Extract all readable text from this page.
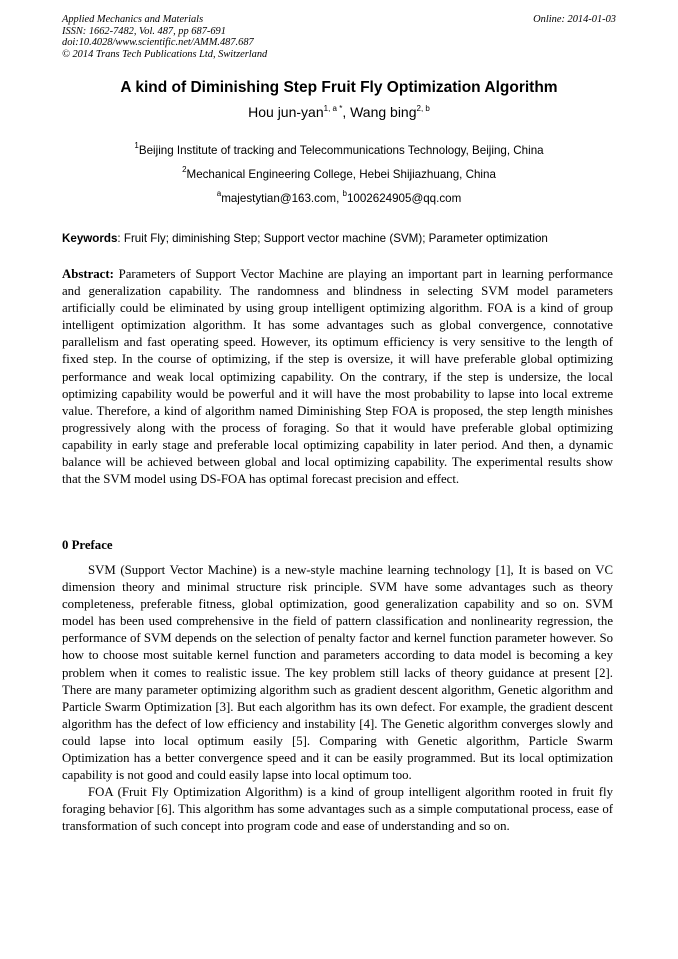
Applied Mechanics and Materials
ISSN: 1662-7482, Vol. 487, pp 687-691
doi:10.4028/www.scientific.net/AMM.487.687
© 2014 Trans Tech Publications Ltd, Switzerland
Online: 2014-01-03
A kind of Diminishing Step Fruit Fly Optimization Algorithm
Hou jun-yan$^{1, a *}$, Wang bing$^{2, b}$
$^1$Beijing Institute of tracking and Telecommunications Technology, Beijing, China
$^2$Mechanical Engineering College, Hebei Shijiazhuang, China
$^a$majestytian@163.com, $^b$1002624905@qq.com
Keywords: Fruit Fly; diminishing Step; Support vector machine (SVM); Parameter optimization

Abstract: Parameters of Support Vector Machine are playing an important part in learning performance and generalization capability. The randomness and blindness in selecting SVM model parameters artificially could be eliminated by using group intelligent optimizing algorithm. FOA is a kind of group intelligent optimization algorithm. It has some advantages such as global convergence, connotative parallelism and fast operating speed. However, its optimum efficiency is very sensitive to the length of fixed step. In the course of optimizing, if the step is oversize, it will have preferable global optimizing performance and weak local optimizing capability. On the contrary, if the step is undersize, the local optimizing capability would be powerful and it will have the most probability to lapse into local extreme value. Therefore, a kind of algorithm named Diminishing Step FOA is proposed, the step length minishes progressively along with the process of foraging. So that it would have preferable global optimizing capability in early stage and preferable local optimizing capability in later period. And then, a dynamic balance will be achieved between global and local optimizing capability. The experimental results show that the SVM model using DS-FOA has optimal forecast precision and effect.

0 Preface

SVM (Support Vector Machine) is a new-style machine learning technology [1], It is based on VC dimension theory and minimal structure risk principle. SVM have some advantages such as theory completeness, preferable fitness, global optimization, good generalization capability and so on. SVM model has been used comprehensive in the field of pattern classification and nonlinearity regression, the performance of SVM depends on the selection of penalty factor and kernel function parameter however. So how to choose most suitable kernel function and parameters according to data model is becoming a key problem when it comes to realistic issue. The key problem still lacks of theory guidance at present [2]. There are many parameter optimizing algorithm such as gradient descent algorithm, Genetic algorithm and Particle Swarm Optimization [3]. But each algorithm has its own defect. For example, the gradient descent algorithm has the defect of low efficiency and instability [4]. The Genetic algorithm converges slowly and could lapse into local optimum easily [5]. Comparing with Genetic algorithm, Particle Swarm Optimization has a better convergence speed and it can be easily programmed. But its local optimization capability is not good and could easily lapse into local optimum too.

FOA (Fruit Fly Optimization Algorithm) is a kind of group intelligent algorithm rooted in fruit fly foraging behavior [6]. This algorithm has some advantages such as a simple computational process, ease of transformation of such concept into program code and ease of understanding and so on.
